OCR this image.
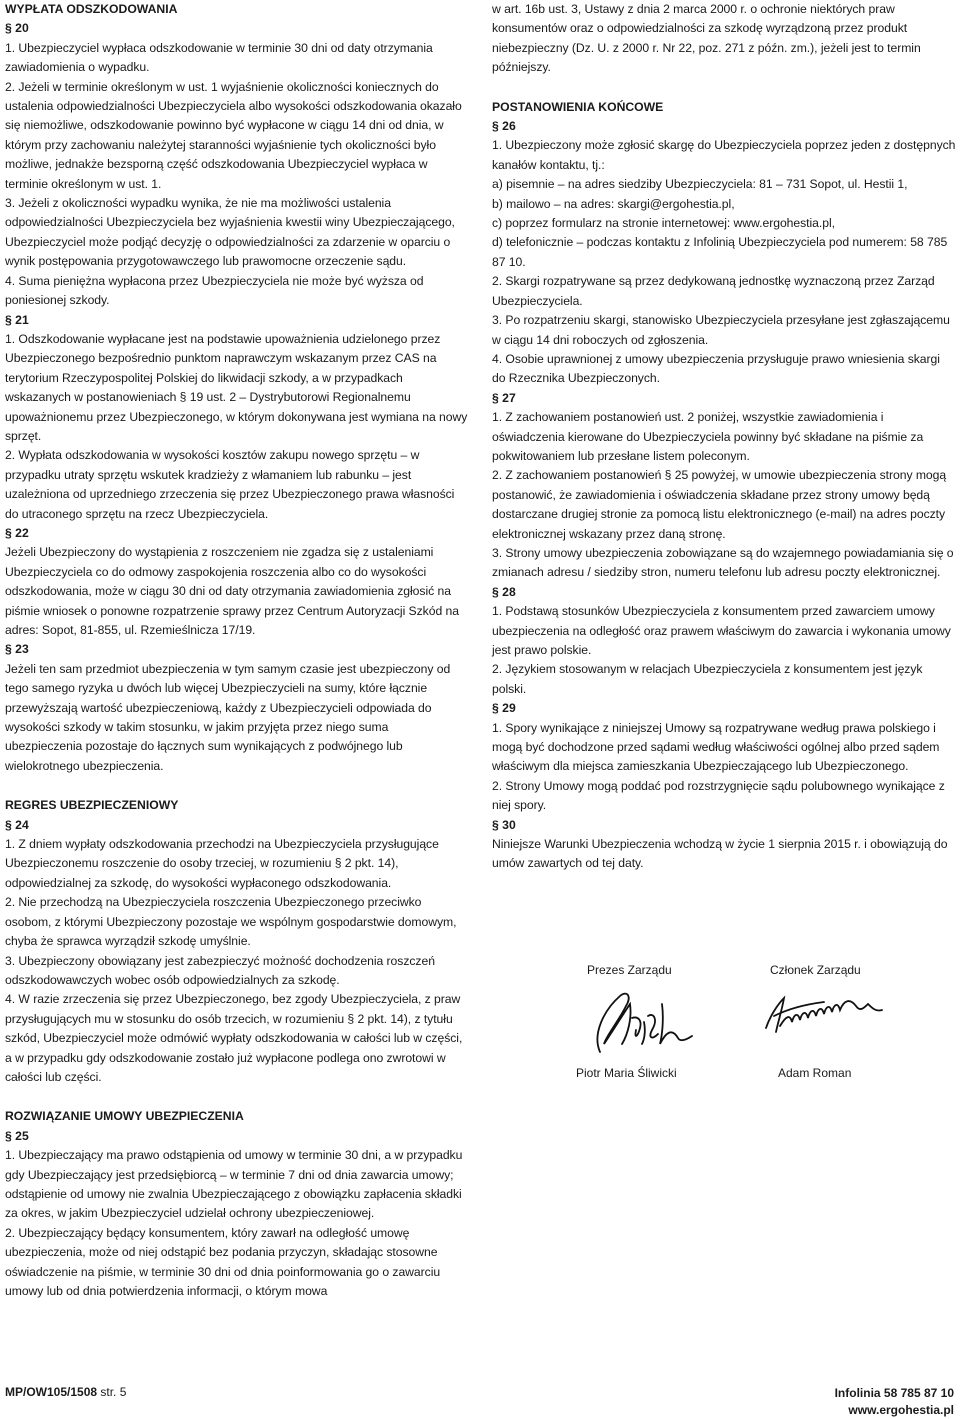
WYPŁATA ODSZKODOWANIA

§ 20

1. Ubezpieczyciel wypłaca odszkodowanie w terminie 30 dni od daty otrzymania zawiadomienia o wypadku.

2. Jeżeli w terminie określonym w ust. 1 wyjaśnienie okoliczności koniecznych do ustalenia odpowiedzialności Ubezpieczyciela albo wysokości odszkodowania okazało się niemożliwe, odszkodowanie powinno być wypłacone w ciągu 14 dni od dnia, w którym przy zachowaniu należytej staranności wyjaśnienie tych okoliczności było możliwe, jednakże bezsporną część odszkodowania Ubezpieczyciel wypłaca w terminie określonym w ust. 1.

3. Jeżeli z okoliczności wypadku wynika, że nie ma możliwości ustalenia odpowiedzialności Ubezpieczyciela bez wyjaśnienia kwestii winy Ubezpieczającego, Ubezpieczyciel może podjąć decyzję o odpowiedzialności za zdarzenie w oparciu o wynik postępowania przygotowawczego lub prawomocne orzeczenie sądu.

4. Suma pieniężna wypłacona przez Ubezpieczyciela nie może być wyższa od poniesionej szkody.

§ 21

1. Odszkodowanie wypłacane jest na podstawie upoważnienia udzielonego przez Ubezpieczonego bezpośrednio punktom naprawczym wskazanym przez CAS na terytorium Rzeczypospolitej Polskiej do likwidacji szkody, a w przypadkach wskazanych w postanowieniach § 19 ust. 2 – Dystrybutorowi Regionalnemu upoważnionemu przez Ubezpieczonego, w którym dokonywana jest wymiana na nowy sprzęt.

2. Wypłata odszkodowania w wysokości kosztów zakupu nowego sprzętu – w przypadku utraty sprzętu wskutek kradzieży z włamaniem lub rabunku – jest uzależniona od uprzedniego zrzeczenia się przez Ubezpieczonego prawa własności do utraconego sprzętu na rzecz Ubezpieczyciela.

§ 22

Jeżeli Ubezpieczony do wystąpienia z roszczeniem nie zgadza się z ustaleniami Ubezpieczyciela co do odmowy zaspokojenia roszczenia albo co do wysokości odszkodowania, może w ciągu 30 dni od daty otrzymania zawiadomienia zgłosić na piśmie wniosek o ponowne rozpatrzenie sprawy przez Centrum Autoryzacji Szkód na adres: Sopot, 81-855, ul. Rzemieślnicza 17/19.

§ 23

Jeżeli ten sam przedmiot ubezpieczenia w tym samym czasie jest ubezpieczony od tego samego ryzyka u dwóch lub więcej Ubezpieczycieli na sumy, które łącznie przewyższają wartość ubezpieczeniową, każdy z Ubezpieczycieli odpowiada do wysokości szkody w takim stosunku, w jakim przyjęta przez niego suma ubezpieczenia pozostaje do łącznych sum wynikających z podwójnego lub wielokrotnego ubezpieczenia.

REGRES UBEZPIECZENIOWY

§ 24

1. Z dniem wypłaty odszkodowania przechodzi na Ubezpieczyciela przysługujące Ubezpieczonemu roszczenie do osoby trzeciej, w rozumieniu § 2 pkt. 14), odpowiedzialnej za szkodę, do wysokości wypłaconego odszkodowania.

2. Nie przechodzą na Ubezpieczyciela roszczenia Ubezpieczonego przeciwko osobom, z którymi Ubezpieczony pozostaje we wspólnym gospodarstwie domowym, chyba że sprawca wyrządził szkodę umyślnie.

3. Ubezpieczony obowiązany jest zabezpieczyć możność dochodzenia roszczeń odszkodowawczych wobec osób odpowiedzialnych za szkodę.

4. W razie zrzeczenia się przez Ubezpieczonego, bez zgody Ubezpieczyciela, z praw przysługujących mu w stosunku do osób trzecich, w rozumieniu § 2 pkt. 14), z tytułu szkód, Ubezpieczyciel może odmówić wypłaty odszkodowania w całości lub w części, a w przypadku gdy odszkodowanie zostało już wypłacone podlega ono zwrotowi w całości lub części.

ROZWIĄZANIE UMOWY UBEZPIECZENIA

§ 25

1. Ubezpieczający ma prawo odstąpienia od umowy w terminie 30 dni, a w przypadku gdy Ubezpieczający jest przedsiębiorcą – w terminie 7 dni od dnia zawarcia umowy; odstąpienie od umowy nie zwalnia Ubezpieczającego z obowiązku zapłacenia składki za okres, w jakim Ubezpieczyciel udzielał ochrony ubezpieczeniowej.

2. Ubezpieczający będący konsumentem, który zawarł na odległość umowę ubezpieczenia, może od niej odstąpić bez podania przyczyn, składając stosowne oświadczenie na piśmie, w terminie 30 dni od dnia poinformowania go o zawarciu umowy lub od dnia potwierdzenia informacji, o którym mowa

w art. 16b ust. 3, Ustawy z dnia 2 marca 2000 r. o ochronie niektórych praw konsumentów oraz o odpowiedzialności za szkodę wyrządzoną przez produkt niebezpieczny (Dz. U. z 2000 r. Nr 22, poz. 271 z późn. zm.), jeżeli jest to termin późniejszy.

POSTANOWIENIA KOŃCOWE

§ 26

1. Ubezpieczony może zgłosić skargę do Ubezpieczyciela poprzez jeden z dostępnych kanałów kontaktu, tj.:

a) pisemnie – na adres siedziby Ubezpieczyciela: 81 – 731 Sopot, ul. Hestii 1,

b) mailowo – na adres: skargi@ergohestia.pl,

c) poprzez formularz na stronie internetowej: www.ergohestia.pl,

d) telefonicznie – podczas kontaktu z Infolinią Ubezpieczyciela pod numerem: 58 785 87 10.

2. Skargi rozpatrywane są przez dedykowaną jednostkę wyznaczoną przez Zarząd Ubezpieczyciela.

3. Po rozpatrzeniu skargi, stanowisko Ubezpieczyciela przesyłane jest zgłaszającemu w ciągu 14 dni roboczych od zgłoszenia.

4. Osobie uprawnionej z umowy ubezpieczenia przysługuje prawo wniesienia skargi do Rzecznika Ubezpieczonych.

§ 27

1. Z zachowaniem postanowień ust. 2 poniżej, wszystkie zawiadomienia i oświadczenia kierowane do Ubezpieczyciela powinny być składane na piśmie za pokwitowaniem lub przesłane listem poleconym.

2. Z zachowaniem postanowień § 25 powyżej, w umowie ubezpieczenia strony mogą postanowić, że zawiadomienia i oświadczenia składane przez strony umowy będą dostarczane drugiej stronie za pomocą listu elektronicznego (e-mail) na adres poczty elektronicznej wskazany przez daną stronę.

3. Strony umowy ubezpieczenia zobowiązane są do wzajemnego powiadamiania się o zmianach adresu / siedziby stron, numeru telefonu lub adresu poczty elektronicznej.

§ 28

1. Podstawą stosunków Ubezpieczyciela z konsumentem przed zawarciem umowy ubezpieczenia na odległość oraz prawem właściwym do zawarcia i wykonania umowy jest prawo polskie.

2. Językiem stosowanym w relacjach Ubezpieczyciela z konsumentem jest język polski.

§ 29

1. Spory wynikające z niniejszej Umowy są rozpatrywane według prawa polskiego i mogą być dochodzone przed sądami według właściwości ogólnej albo przed sądem właściwym dla miejsca zamieszkania Ubezpieczającego lub Ubezpieczonego.

2. Strony Umowy mogą poddać pod rozstrzygnięcie sądu polubownego wynikające z niej spory.

§ 30

Niniejsze Warunki Ubezpieczenia wchodzą w życie 1 sierpnia 2015 r. i obowiązują do umów zawartych od tej daty.

Prezes Zarządu	Członek Zarządu
Piotr Maria Śliwicki	Adam Roman
MP/OW105/1508 str. 5	Infolinia 58 785 87 10
www.ergohestia.pl
